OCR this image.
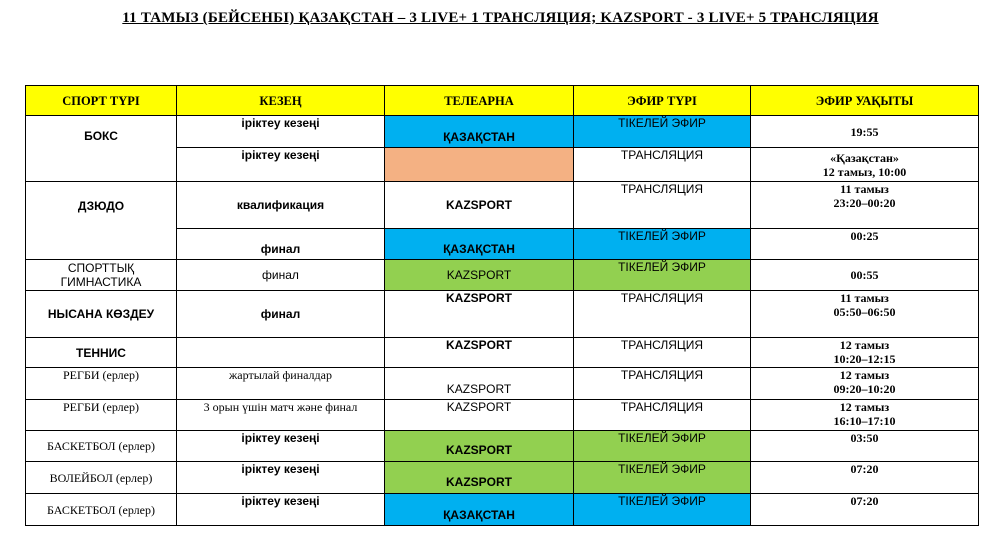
11 ТАМЫЗ (БЕЙСЕНБІ) ҚАЗАҚСТАН – 3 LIVE+ 1 ТРАНСЛЯЦИЯ; KAZSPORT - 3 LIVE+ 5 ТРАНСЛЯЦИЯ
СПОРТ ТҮРІ	КЕЗЕҢ	ТЕЛЕАРНА	ЭФИР ТҮРІ	ЭФИР УАҚЫТЫ
БОКС	іріктеу кезеңі	ҚАЗАҚСТАН	ТІКЕЛЕЙ ЭФИР	19:55
	іріктеу кезеңі		ТРАНСЛЯЦИЯ	«Қазақстан»
12 тамыз, 10:00

ДЗЮДО	квалификация	KAZSPORT	ТРАНСЛЯЦИЯ	11 тамыз
23:20–00:20

	финал	ҚАЗАҚСТАН	ТІКЕЛЕЙ ЭФИР	00:25

СПОРТТЫҚ
ГИМНАСТИКА	финал	KAZSPORT	ТІКЕЛЕЙ ЭФИР	00:55
НЫСАНА КӨЗДЕУ	финал	KAZSPORT	ТРАНСЛЯЦИЯ	11 тамыз
05:50–06:50

ТЕННИС		KAZSPORT	ТРАНСЛЯЦИЯ	12 тамыз
10:20–12:15

РЕГБИ (ерлер)	жартылай финалдар	KAZSPORT	ТРАНСЛЯЦИЯ	12 тамыз
09:20–10:20

РЕГБИ (ерлер)	3 орын үшін матч және финал	KAZSPORT	ТРАНСЛЯЦИЯ	12 тамыз
16:10–17:10

БАСКЕТБОЛ (ерлер)	іріктеу кезеңі	KAZSPORT	ТІКЕЛЕЙ ЭФИР	03:50
ВОЛЕЙБОЛ (ерлер)	іріктеу кезеңі	KAZSPORT	ТІКЕЛЕЙ ЭФИР	07:20
БАСКЕТБОЛ (ерлер)	іріктеу кезеңі	ҚАЗАҚСТАН	ТІКЕЛЕЙ ЭФИР	07:20
